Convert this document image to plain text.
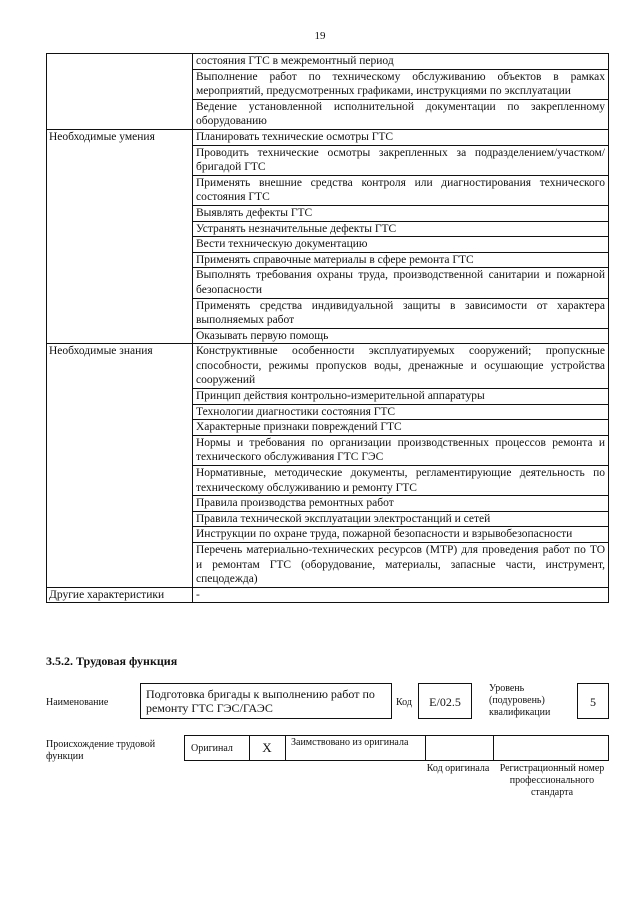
19
	состояния ГТС в межремонтный период
	Выполнение работ по техническому обслуживанию объектов в рамках мероприятий, предусмотренных графиками, инструкциями по эксплуатации
	Ведение установленной исполнительной документации по закрепленному оборудованию
Необходимые умения	Планировать технические осмотры ГТС
	Проводить технические осмотры закрепленных за подразделением/участком/бригадой ГТС
	Применять внешние средства контроля или диагностирования технического состояния ГТС
	Выявлять дефекты ГТС
	Устранять незначительные дефекты ГТС
	Вести техническую документацию
	Применять справочные материалы в сфере ремонта ГТС
	Выполнять требования охраны труда, производственной санитарии и пожарной безопасности
	Применять средства индивидуальной защиты в зависимости от характера выполняемых работ
	Оказывать первую помощь
Необходимые знания	Конструктивные особенности эксплуатируемых сооружений; пропускные способности, режимы пропусков воды, дренажные и осушающие устройства сооружений
	Принцип действия контрольно-измерительной аппаратуры
	Технологии диагностики состояния ГТС
	Характерные признаки повреждений ГТС
	Нормы и требования по организации производственных процессов ремонта и технического обслуживания ГТС ГЭС
	Нормативные, методические документы, регламентирующие деятельность по техническому обслуживанию и ремонту ГТС
	Правила производства ремонтных работ
	Правила технической эксплуатации электростанций и сетей
	Инструкции по охране труда, пожарной безопасности и взрывобезопасности
	Перечень материально-технических ресурсов (МТР) для проведения работ по ТО и ремонтам ГТС (оборудование, материалы, запасные части, инструмент, спецодежда)
Другие характеристики	-
3.5.2. Трудовая функция
Наименование
Подготовка бригады к выполнению работ по ремонту ГТС ГЭС/ГАЭС	Код	E/02.5
Уровень (подуровень) квалификации
5
Происхождение трудовой функции
Оригинал	X	Заимствовано из оригинала
Код оригинала	Регистрационный номер профессионального стандарта
